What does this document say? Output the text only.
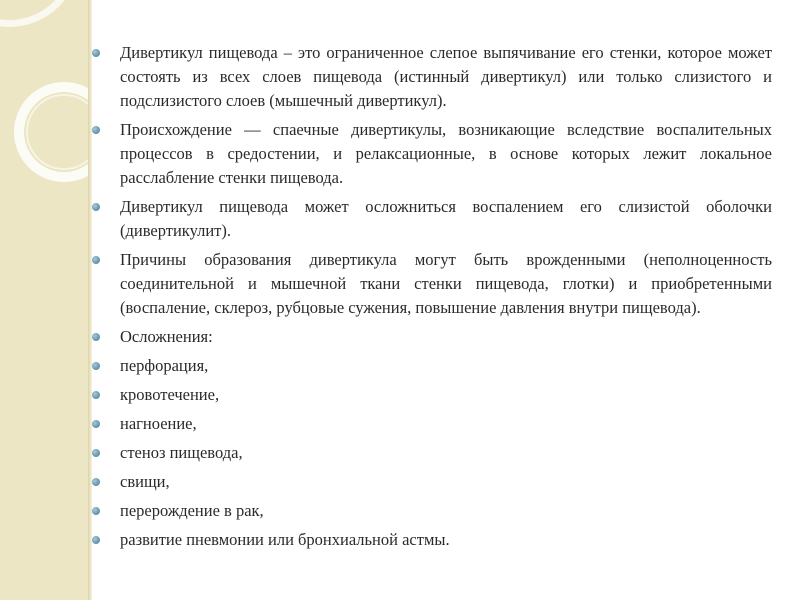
Дивертикул пищевода – это ограниченное слепое выпячивание его стенки, которое может состоять из всех слоев пищевода (истинный дивертикул) или только слизистого и подслизистого слоев (мышечный дивертикул).
Происхождение — спаечные дивертикулы, возникающие вследствие воспалительных процессов в средостении, и релаксационные, в основе которых лежит локальное расслабление стенки пищевода.
Дивертикул пищевода может осложниться воспалением его слизистой оболочки (дивертикулит).
Причины образования дивертикула могут быть врожденными (неполноценность соединительной и мышечной ткани стенки пищевода, глотки) и приобретенными (воспаление, склероз, рубцовые сужения, повышение давления внутри пищевода).
Осложнения:
перфорация,
кровотечение,
нагноение,
стеноз пищевода,
свищи,
перерождение в рак,
развитие пневмонии или бронхиальной астмы.
